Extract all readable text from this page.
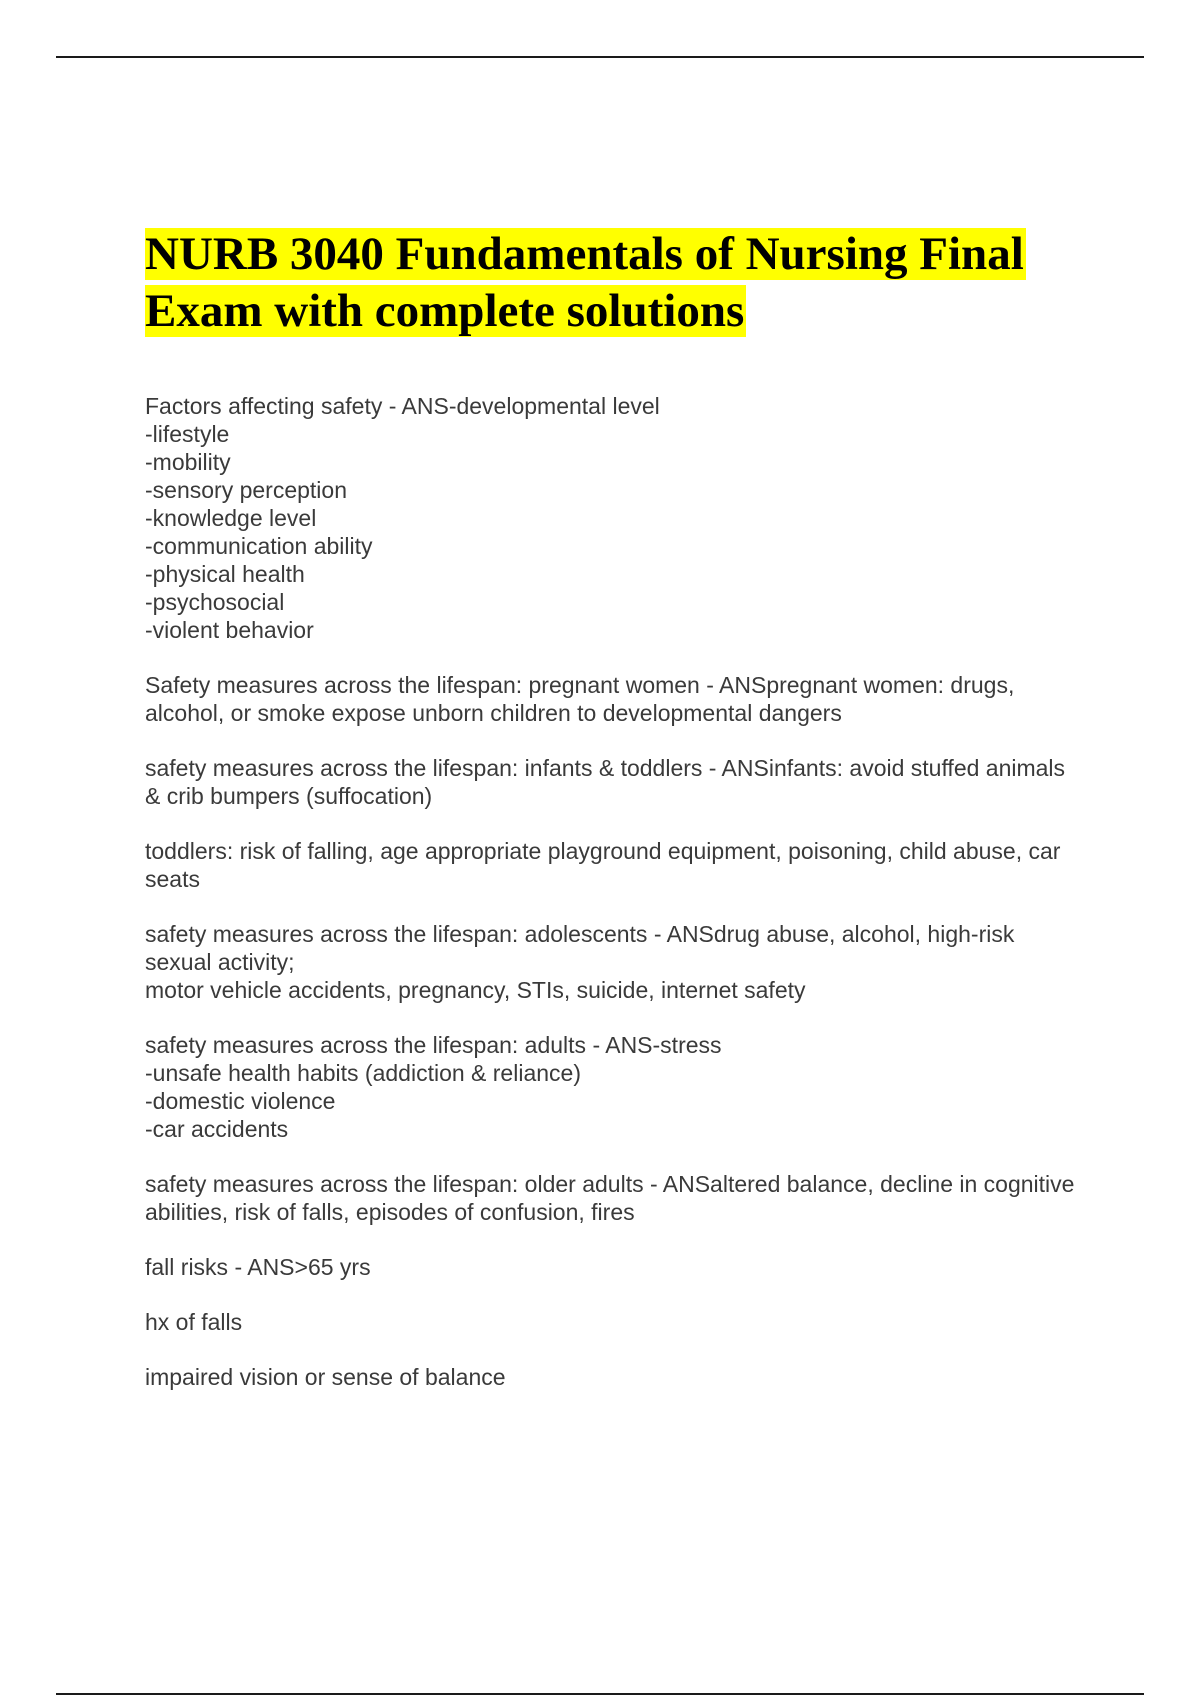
NURB 3040 Fundamentals of Nursing Final Exam with complete solutions

Factors affecting safety - ANS-developmental level
-lifestyle
-mobility
-sensory perception
-knowledge level
-communication ability
-physical health
-psychosocial
-violent behavior

Safety measures across the lifespan: pregnant women - ANSpregnant women: drugs, alcohol, or smoke expose unborn children to developmental dangers

safety measures across the lifespan: infants & toddlers - ANSinfants: avoid stuffed animals & crib bumpers (suffocation)

toddlers: risk of falling, age appropriate playground equipment, poisoning, child abuse, car seats

safety measures across the lifespan: adolescents - ANSdrug abuse, alcohol, high-risk sexual activity;
motor vehicle accidents, pregnancy, STIs, suicide, internet safety

safety measures across the lifespan: adults - ANS-stress
-unsafe health habits (addiction & reliance)
-domestic violence
-car accidents

safety measures across the lifespan: older adults - ANSaltered balance, decline in cognitive abilities, risk of falls, episodes of confusion, fires

fall risks - ANS>65 yrs

hx of falls

impaired vision or sense of balance
